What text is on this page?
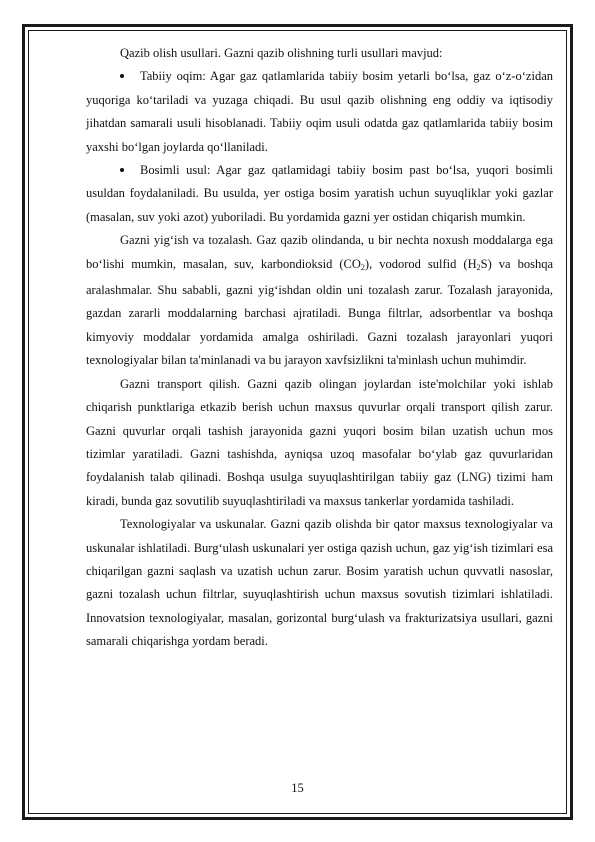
Qazib olish usullari. Gazni qazib olishning turli usullari mavjud:

Tabiiy oqim: Agar gaz qatlamlarida tabiiy bosim yetarli bo‘lsa, gaz o‘z-o‘zidan yuqoriga ko‘tariladi va yuzaga chiqadi. Bu usul qazib olishning eng oddiy va iqtisodiy jihatdan samarali usuli hisoblanadi. Tabiiy oqim usuli odatda gaz qatlamlarida tabiiy bosim yaxshi bo‘lgan joylarda qo‘llaniladi.

Bosimli usul: Agar gaz qatlamidagi tabiiy bosim past bo‘lsa, yuqori bosimli usuldan foydalaniladi. Bu usulda, yer ostiga bosim yaratish uchun suyuqliklar yoki gazlar (masalan, suv yoki azot) yuboriladi. Bu yordamida gazni yer ostidan chiqarish mumkin.

Gazni yig‘ish va tozalash. Gaz qazib olindanda, u bir nechta noxush moddalarga ega bo‘lishi mumkin, masalan, suv, karbondioksid $(CO_2)$, vodorod sulfid $(H_2S)$ va boshqa aralashmalar. Shu sababli, gazni yig‘ishdan oldin uni tozalash zarur. Tozalash jarayonida, gazdan zararli moddalarning barchasi ajratiladi. Bunga filtrlar, adsorbentlar va boshqa kimyoviy moddalar yordamida amalga oshiriladi. Gazni tozalash jarayonlari yuqori texnologiyalar bilan ta'minlanadi va bu jarayon xavfsizlikni ta'minlash uchun muhimdir.

Gazni transport qilish. Gazni qazib olingan joylardan iste'molchilar yoki ishlab chiqarish punktlariga etkazib berish uchun maxsus quvurlar orqali transport qilish zarur. Gazni quvurlar orqali tashish jarayonida gazni yuqori bosim bilan uzatish uchun mos tizimlar yaratiladi. Gazni tashishda, ayniqsa uzoq masofalar bo‘ylab gaz quvurlaridan foydalanish talab qilinadi. Boshqa usulga suyuqlashtirilgan tabiiy gaz (LNG) tizimi ham kiradi, bunda gaz sovutilib suyuqlashtiriladi va maxsus tankerlar yordamida tashiladi.

Texnologiyalar va uskunalar. Gazni qazib olishda bir qator maxsus texnologiyalar va uskunalar ishlatiladi. Burg‘ulash uskunalari yer ostiga qazish uchun, gaz yig‘ish tizimlari esa chiqarilgan gazni saqlash va uzatish uchun zarur. Bosim yaratish uchun quvvatli nasoslar, gazni tozalash uchun filtrlar, suyuqlashtirish uchun maxsus sovutish tizimlari ishlatiladi. Innovatsion texnologiyalar, masalan, gorizontal burg‘ulash va frakturizatsiya usullari, gazni samarali chiqarishga yordam beradi.

15
